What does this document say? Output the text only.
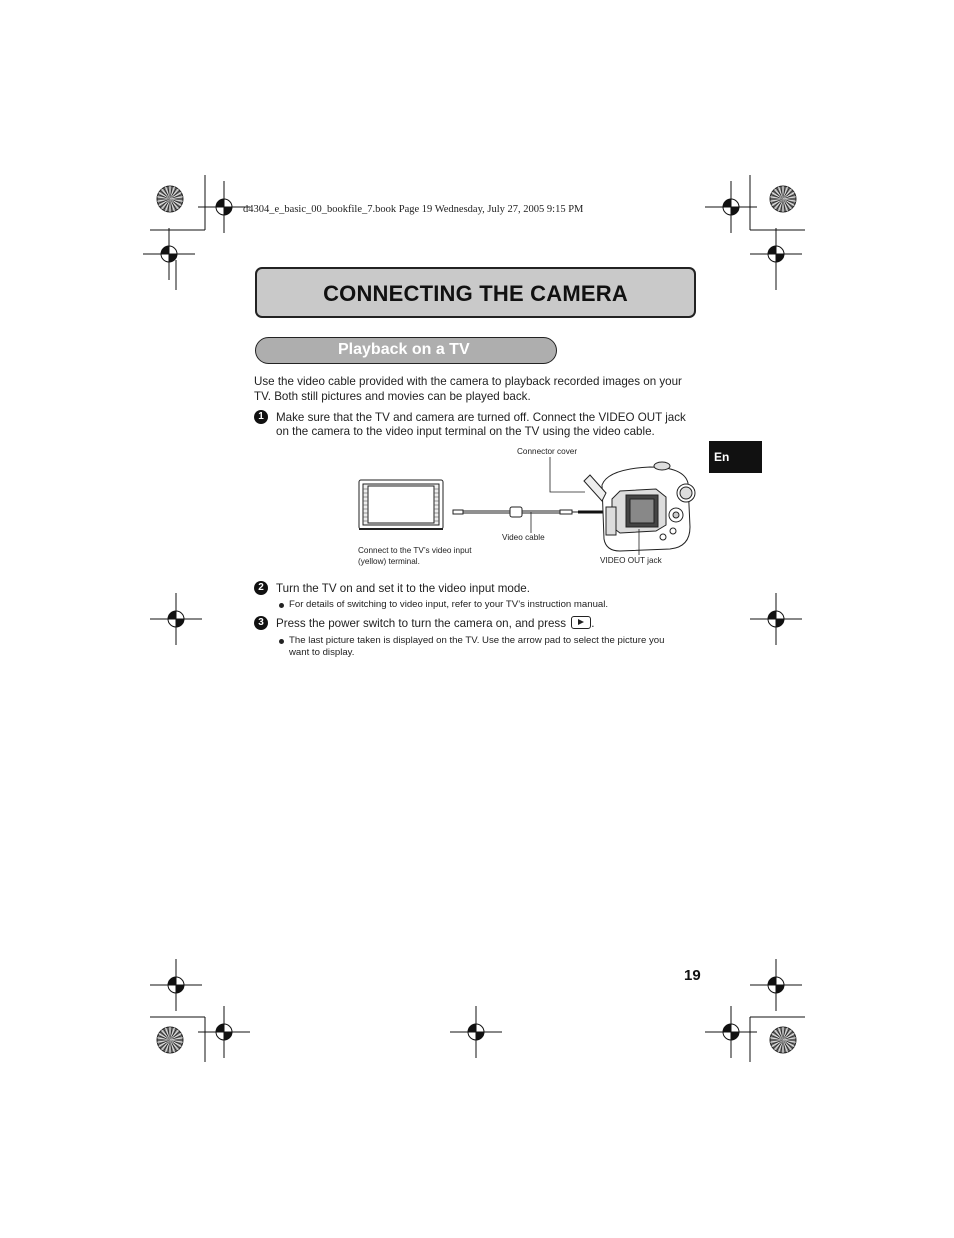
d4304_e_basic_00_bookfile_7.book Page 19 Wednesday, July 27, 2005 9:15 PM
CONNECTING THE CAMERA
Playback on a TV
En
Use the video cable provided with the camera to playback recorded images on your
TV. Both still pictures and movies can be played back.
1	Make sure that the TV and camera are turned off. Connect the VIDEO OUT jack
on the camera to the video input terminal on the TV using the video cable.
Connector cover
Video cable
Connect to the TV’s video input
(yellow) terminal.	VIDEO OUT jack
2	Turn the TV on and set it to the video input mode.
For details of switching to video input, refer to your TV’s instruction manual.
3	Press the power switch to turn the camera on, and press .
The last picture taken is displayed on the TV. Use the arrow pad to select the picture you
want to display.
19
